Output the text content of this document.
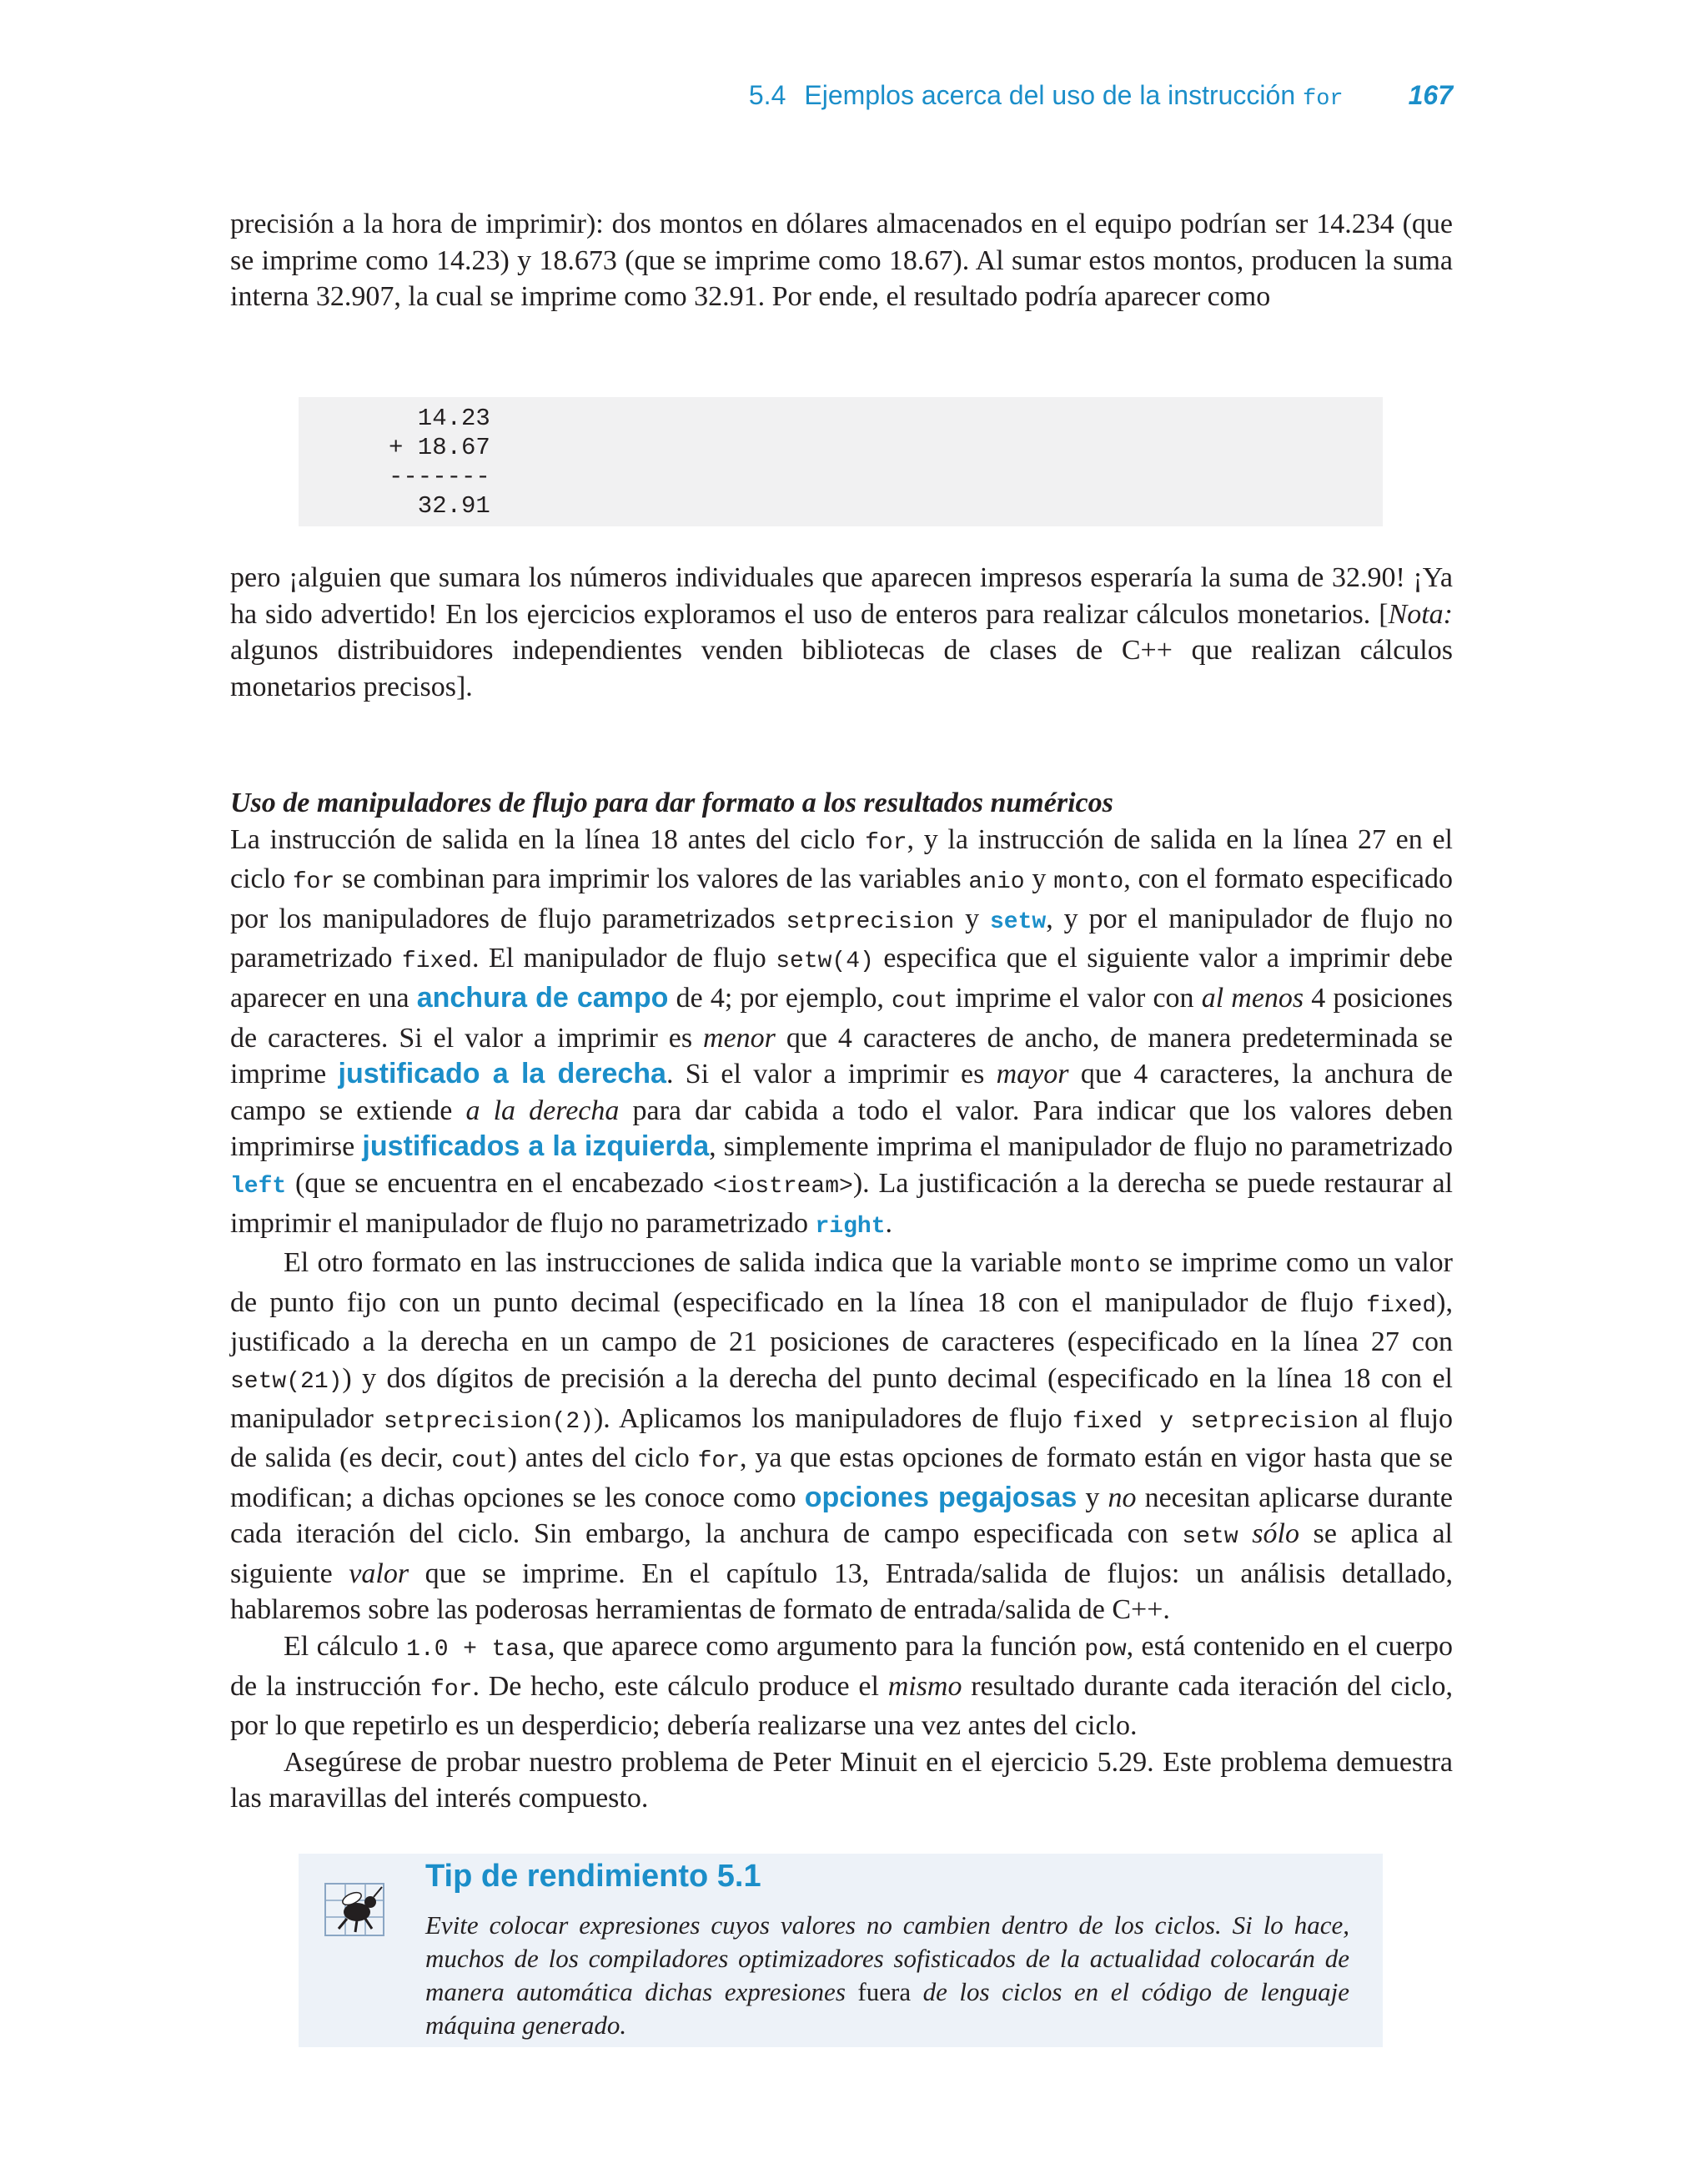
5.4 Ejemplos acerca del uso de la instrucción for 167

precisión a la hora de imprimir): dos montos en dólares almacenados en el equipo podrían ser 14.234 (que se imprime como 14.23) y 18.673 (que se imprime como 18.67). Al sumar estos montos, producen la suma interna 32.907, la cual se imprime como 32.91. Por ende, el resultado podría aparecer como

14.23
+ 18.67
-------
32.91

pero ¡alguien que sumara los números individuales que aparecen impresos esperaría la suma de 32.90! ¡Ya ha sido advertido! En los ejercicios exploramos el uso de enteros para realizar cálculos monetarios. [Nota: algunos distribuidores independientes venden bibliotecas de clases de C++ que realizan cálculos monetarios precisos].

Uso de manipuladores de flujo para dar formato a los resultados numéricos

La instrucción de salida en la línea 18 antes del ciclo for, y la instrucción de salida en la línea 27 en el ciclo for se combinan para imprimir los valores de las variables anio y monto, con el formato especificado por los manipuladores de flujo parametrizados setprecision y setw, y por el manipulador de flujo no parametrizado fixed. El manipulador de flujo setw(4) especifica que el siguiente valor a imprimir debe aparecer en una anchura de campo de 4; por ejemplo, cout imprime el valor con al menos 4 posiciones de caracteres. Si el valor a imprimir es menor que 4 caracteres de ancho, de manera predeterminada se imprime justificado a la derecha. Si el valor a imprimir es mayor que 4 caracteres, la anchura de campo se extiende a la derecha para dar cabida a todo el valor. Para indicar que los valores deben imprimirse justificados a la izquierda, simplemente imprima el manipulador de flujo no parametrizado left (que se encuentra en el encabezado <iostream>). La justificación a la derecha se puede restaurar al imprimir el manipulador de flujo no parametrizado right.

El otro formato en las instrucciones de salida indica que la variable monto se imprime como un valor de punto fijo con un punto decimal (especificado en la línea 18 con el manipulador de flujo fixed), justificado a la derecha en un campo de 21 posiciones de caracteres (especificado en la línea 27 con setw(21)) y dos dígitos de precisión a la derecha del punto decimal (especificado en la línea 18 con el manipulador setprecision(2)). Aplicamos los manipuladores de flujo fixed y setprecision al flujo de salida (es decir, cout) antes del ciclo for, ya que estas opciones de formato están en vigor hasta que se modifican; a dichas opciones se les conoce como opciones pegajosas y no necesitan aplicarse durante cada iteración del ciclo. Sin embargo, la anchura de campo especificada con setw sólo se aplica al siguiente valor que se imprime. En el capítulo 13, Entrada/salida de flujos: un análisis detallado, hablaremos sobre las poderosas herramientas de formato de entrada/salida de C++.

El cálculo 1.0 + tasa, que aparece como argumento para la función pow, está contenido en el cuerpo de la instrucción for. De hecho, este cálculo produce el mismo resultado durante cada iteración del ciclo, por lo que repetirlo es un desperdicio; debería realizarse una vez antes del ciclo.

Asegúrese de probar nuestro problema de Peter Minuit en el ejercicio 5.29. Este problema demuestra las maravillas del interés compuesto.

Tip de rendimiento 5.1

Evite colocar expresiones cuyos valores no cambien dentro de los ciclos. Si lo hace, muchos de los compiladores optimizadores sofisticados de la actualidad colocarán de manera automática dichas expresiones fuera de los ciclos en el código de lenguaje máquina generado.
